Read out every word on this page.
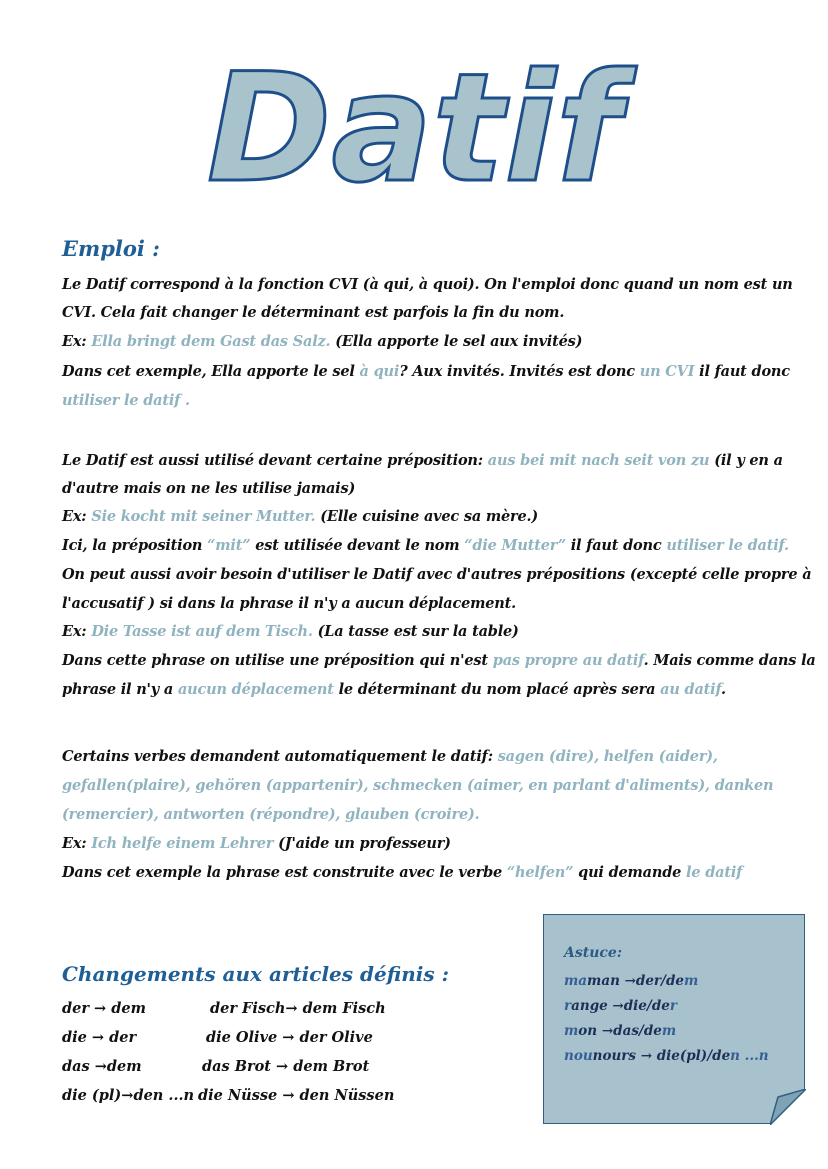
Datif
Emploi :
Le Datif correspond à la fonction CVI (à qui, à quoi). On l'emploi donc quand un nom est un
CVI. Cela fait changer le déterminant est parfois la fin du nom.
Ex: Ella bringt dem Gast das Salz. (Ella apporte le sel aux invités)
Dans cet exemple, Ella apporte le sel à qui? Aux invités. Invités est donc un CVI il faut donc
utiliser le datif .
Le Datif est aussi utilisé devant certaine préposition: aus bei mit nach seit von zu (il y en a
d'autre mais on ne les utilise jamais)
Ex: Sie kocht mit seiner Mutter. (Elle cuisine avec sa mère.)
Ici, la préposition “mit” est utilisée devant le nom “die Mutter” il faut donc utiliser le datif.
On peut aussi avoir besoin d'utiliser le Datif avec d'autres prépositions (excepté celle propre à
l'accusatif ) si dans la phrase il n'y a aucun déplacement.
Ex: Die Tasse ist auf dem Tisch. (La tasse est sur la table)
Dans cette phrase on utilise une préposition qui n'est pas propre au datif. Mais comme dans la
phrase il n'y a aucun déplacement le déterminant du nom placé après sera au datif.
Certains verbes demandent automatiquement le datif: sagen (dire), helfen (aider),
gefallen(plaire), gehören (appartenir), schmecken (aimer, en parlant d'aliments), danken
(remercier), antworten (répondre), glauben (croire).
Ex: Ich helfe einem Lehrer (J'aide un professeur)
Dans cet exemple la phrase est construite avec le verbe “helfen” qui demande le datif
Changements aux articles définis :
der → dem	der Fisch→ dem Fisch
die → der	die Olive → der Olive
das →dem	das Brot → dem Brot
die (pl)→den ...n die Nüsse → den Nüssen
Astuce:
maman →der/dem
range →die/der
mon →das/dem
nounours → die(pl)/den ...n
